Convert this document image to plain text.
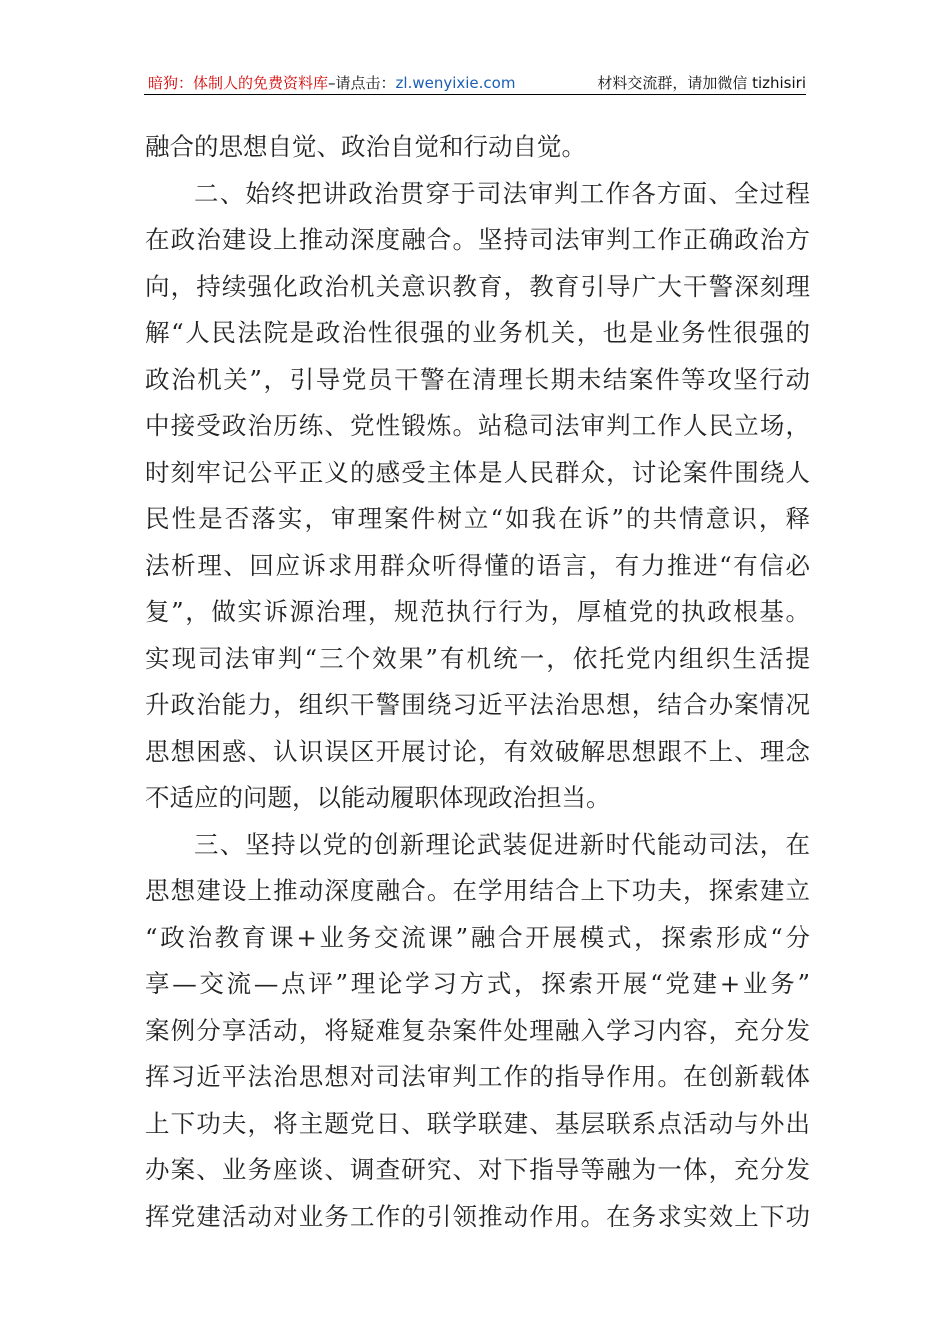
暗狗：体制人的免费资料库 –请点击： zl.wenyixie.com	材料交流群，请加微信 tizhisiri
融合的思想自觉、政治自觉和行动自觉。
二、始终把讲政治贯穿于司法审判工作各方面、全过程
在政治建设上推动深度融合。坚持司法审判工作正确政治方
向，持续强化政治机关意识教育，教育引导广大干警深刻理
解“人民法院是政治性很强的业务机关，也是业务性很强的
政治机关”，引导党员干警在清理长期未结案件等攻坚行动
中接受政治历练、党性锻炼。站稳司法审判工作人民立场，
时刻牢记公平正义的感受主体是人民群众，讨论案件围绕人
民性是否落实，审理案件树立“如我在诉”的共情意识，释
法析理、回应诉求用群众听得懂的语言，有力推进“有信必
复”，做实诉源治理，规范执行行为，厚植党的执政根基。
实现司法审判“三个效果”有机统一，依托党内组织生活提
升政治能力，组织干警围绕习近平法治思想，结合办案情况
思想困惑、认识误区开展讨论，有效破解思想跟不上、理念
不适应的问题，以能动履职体现政治担当。
三、坚持以党的创新理论武装促进新时代能动司法，在
思想建设上推动深度融合。在学用结合上下功夫，探索建立
“政治教育课+业务交流课”融合开展模式，探索形成“分
享—交流—点评”理论学习方式，探索开展“党建+业务”
案例分享活动，将疑难复杂案件处理融入学习内容，充分发
挥习近平法治思想对司法审判工作的指导作用。在创新载体
上下功夫，将主题党日、联学联建、基层联系点活动与外出
办案、业务座谈、调查研究、对下指导等融为一体，充分发
挥党建活动对业务工作的引领推动作用。在务求实效上下功
